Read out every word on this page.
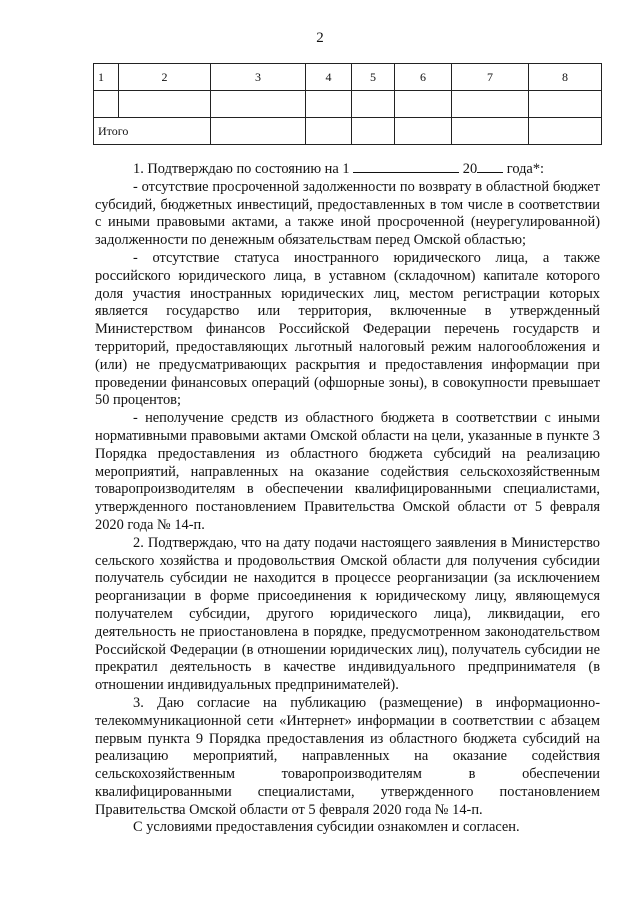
2
1	2	3	4	5	6	7	8

Итого							

1. Подтверждаю по состоянию на 1	20 года*:

- отсутствие просроченной задолженности по возврату в областной бюджет субсидий, бюджетных инвестиций, предоставленных в том числе в соответствии с иными правовыми актами, а также иной просроченной (неурегулированной) задолженности по денежным обязательствам перед Омской областью;

- отсутствие статуса иностранного юридического лица, а также российского юридического лица, в уставном (складочном) капитале которого доля участия иностранных юридических лиц, местом регистрации которых является государство или территория, включенные в утвержденный Министерством финансов Российской Федерации перечень государств и территорий, предоставляющих льготный налоговый режим налогообложения и (или) не предусматривающих раскрытия и предоставления информации при проведении финансовых операций (офшорные зоны), в совокупности превышает 50 процентов;

- неполучение средств из областного бюджета в соответствии с иными нормативными правовыми актами Омской области на цели, указанные в пункте 3 Порядка предоставления из областного бюджета субсидий на реализацию мероприятий, направленных на оказание содействия сельскохозяйственным товаропроизводителям в обеспечении квалифицированными специалистами, утвержденного постановлением Правительства Омской области от 5 февраля 2020 года № 14-п.

2. Подтверждаю, что на дату подачи настоящего заявления в Министерство сельского хозяйства и продовольствия Омской области для получения субсидии получатель субсидии не находится в процессе реорганизации (за исключением реорганизации в форме присоединения к юридическому лицу, являющемуся получателем субсидии, другого юридического лица), ликвидации, его деятельность не приостановлена в порядке, предусмотренном законодательством Российской Федерации (в отношении юридических лиц), получатель субсидии не прекратил деятельность в качестве индивидуального предпринимателя (в отношении индивидуальных предпринимателей).

3. Даю согласие на публикацию (размещение) в информационно-телекоммуникационной сети «Интернет» информации в соответствии с абзацем первым пункта 9 Порядка предоставления из областного бюджета субсидий на реализацию мероприятий, направленных на оказание содействия сельскохозяйственным товаропроизводителям в обеспечении квалифицированными специалистами, утвержденного постановлением Правительства Омской области от 5 февраля 2020 года № 14-п.

С условиями предоставления субсидии ознакомлен и согласен.
